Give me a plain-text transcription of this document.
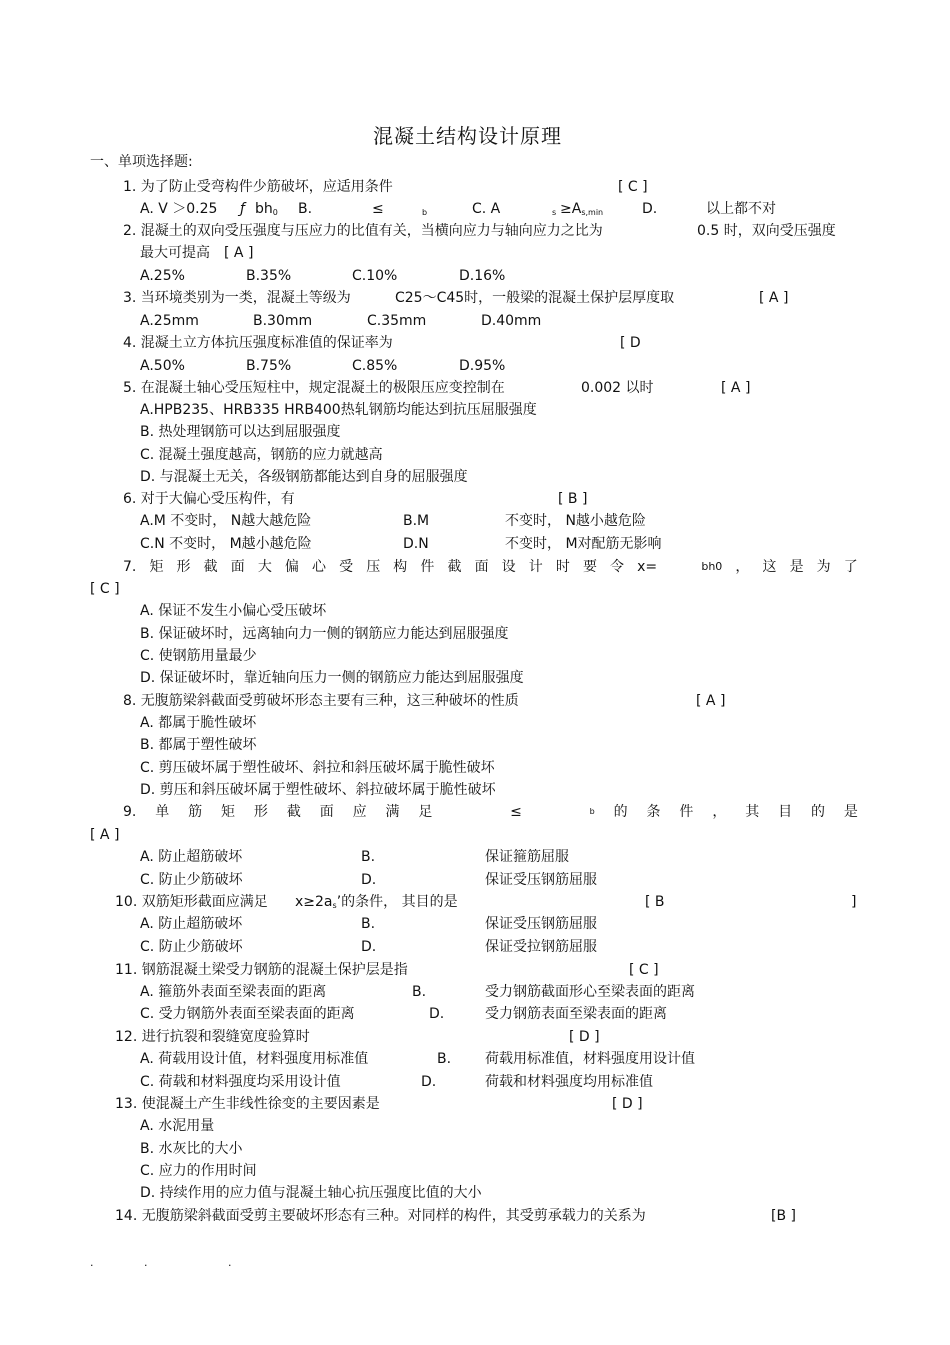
混凝土结构设计原理
一、单项选择题:
1. 为了防止受弯构件少筋破坏，应适用条件	[ C ]
A. V ＞0.25 ƒ $bh_0$ B.	≤	b	C. A	$s \ge A_{s,min}$	D.	以上都不对
2. 混凝土的双向受压强度与压应力的比值有关，当横向应力与轴向应力之比为	0.5 时，双向受压强度
最大可提高 [ A ]
A.25%	B.35%	C.10%	D.16%
3. 当环境类别为一类，混凝土等级为	C25～C45时，一般梁的混凝土保护层厚度取	[ A ]
A.25mm	B.30mm	C.35mm	D.40mm
4. 混凝土立方体抗压强度标准值的保证率为	[ D
A.50%	B.75%	C.85%	D.95%
5. 在混凝土轴心受压短柱中，规定混凝土的极限压应变控制在	0.002 以时	[ A ]
A.HPB235、HRB335 HRB400热轧钢筋均能达到抗压屈服强度
B. 热处理钢筋可以达到屈服强度
C. 混凝土强度越高，钢筋的应力就越高
D. 与混凝土无关，各级钢筋都能达到自身的屈服强度
6. 对于大偏心受压构件，有	[ B ]
A.M 不变时， N越大越危险	B.M	不变时， N越小越危险
C.N 不变时， M越小越危险	D.N	不变时， M对配筋无影响
7. 矩 形 截 面 大 偏 心 受 压 构 件 截 面 设 计 时 要 令 x=	bh0 ， 这 是 为 了
[ C ]
A. 保证不发生小偏心受压破坏
B. 保证破坏时，远离轴向力一侧的钢筋应力能达到屈服强度
C. 使钢筋用量最少
D. 保证破坏时，靠近轴向压力一侧的钢筋应力能达到屈服强度
8. 无腹筋梁斜截面受剪破坏形态主要有三种，这三种破坏的性质	[ A ]
A. 都属于脆性破坏
B. 都属于塑性破坏
C. 剪压破坏属于塑性破坏、斜拉和斜压破坏属于脆性破坏
D. 剪压和斜压破坏属于塑性破坏、斜拉破坏属于脆性破坏
9. 单 筋 矩 形 截 面 应 满 足	≤	b 的 条 件 ， 其 目 的 是
[ A ]
A. 防止超筋破坏	B.	保证箍筋屈服
C. 防止少筋破坏	D.	保证受压钢筋屈服
10. 双筋矩形截面应满足 $x\ge 2a_s$’的条件， 其目的是	[ B	]
A. 防止超筋破坏	B.	保证受压钢筋屈服
C. 防止少筋破坏	D.	保证受拉钢筋屈服
11. 钢筋混凝土梁受力钢筋的混凝土保护层是指	[ C ]
A. 箍筋外表面至梁表面的距离	B.	受力钢筋截面形心至梁表面的距离
C. 受力钢筋外表面至梁表面的距离	D.	受力钢筋表面至梁表面的距离
12. 进行抗裂和裂缝宽度验算时	[ D ]
A. 荷载用设计值，材料强度用标准值	B. 荷载用标准值，材料强度用设计值
C. 荷载和材料强度均采用设计值	D.	荷载和材料强度均用标准值
13. 使混凝土产生非线性徐变的主要因素是	[ D ]
A. 水泥用量
B. 水灰比的大小
C. 应力的作用时间
D. 持续作用的应力值与混凝土轴心抗压强度比值的大小
14. 无腹筋梁斜截面受剪主要破坏形态有三种。对同样的构件，其受剪承载力的关系为	[B ]
.	.	.
